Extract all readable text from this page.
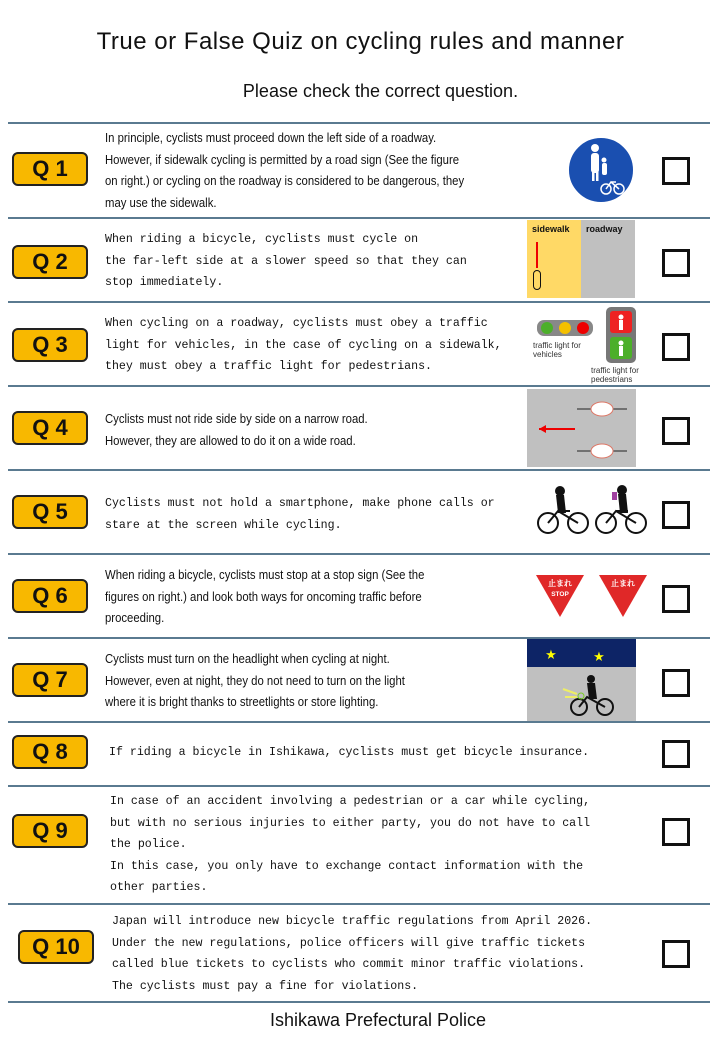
True or False Quiz on cycling rules and manner
Please check the correct question.
Q 1
In principle, cyclists must proceed down the left side of a roadway.
However, if sidewalk cycling is permitted by a road sign (See the figure
on right.) or cycling on the roadway is considered to be dangerous, they
may use the sidewalk.
Q 2
When riding a bicycle, cyclists must cycle on
the far-left side at a slower speed so that they can
stop immediately.
sidewalk roadway
Q 3
When cycling on a roadway, cyclists must obey a traffic
light for vehicles, in the case of cycling on a sidewalk,
they must obey a traffic light for pedestrians.
traffic light for vehicles
traffic light for pedestrians
Q 4	Cyclists must not ride side by side on a narrow road.
However, they are allowed to do it on a wide road.
Q 5	Cyclists must not hold a smartphone, make phone calls or
stare at the screen while cycling.
Q 6
When riding a bicycle, cyclists must stop at a stop sign (See the
figures on right.) and look both ways for oncoming traffic before
proceeding.
止まれ
STOP
止まれ
Q 7
Cyclists must turn on the headlight when cycling at night.
However, even at night, they do not need to turn on the light
where it is bright thanks to streetlights or store lighting.
★	★
Q 8	If riding a bicycle in Ishikawa, cyclists must get bicycle insurance.
Q 9
In case of an accident involving a pedestrian or a car while cycling,
but with no serious injuries to either party, you do not have to call
the police.
In this case, you only have to exchange contact information with the
other parties.
Q 10
Japan will introduce new bicycle traffic regulations from April 2026.
Under the new regulations, police officers will give traffic tickets
called blue tickets to cyclists who commit minor traffic violations.
The cyclists must pay a fine for violations.
Ishikawa Prefectural Police
